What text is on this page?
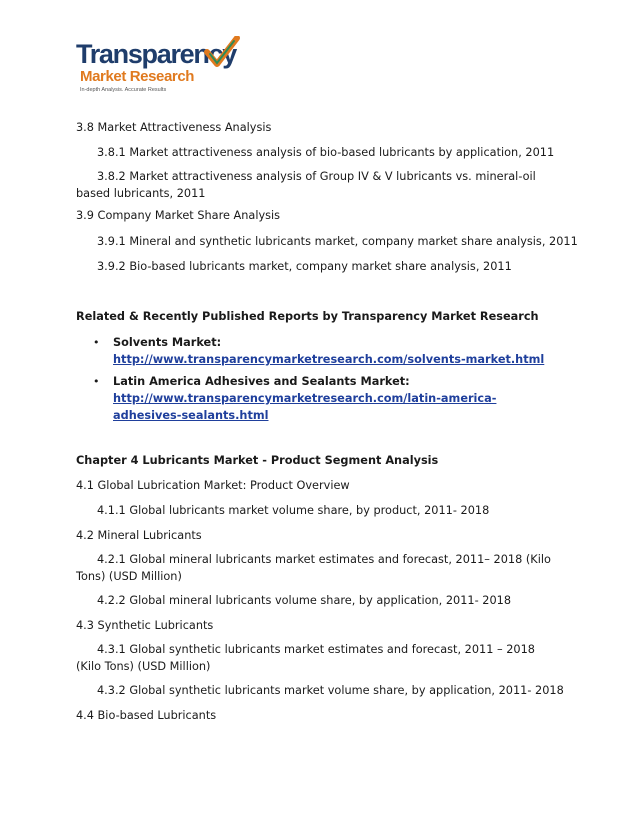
Transparency
Market Research
In-depth Analysis. Accurate Results
3.8 Market Attractiveness Analysis
3.8.1 Market attractiveness analysis of bio-based lubricants by application, 2011
3.8.2 Market attractiveness analysis of Group IV & V lubricants vs. mineral-oil based lubricants, 2011
3.9 Company Market Share Analysis
3.9.1 Mineral and synthetic lubricants market, company market share analysis, 2011
3.9.2 Bio-based lubricants market, company market share analysis, 2011
Related & Recently Published Reports by Transparency Market Research
• Solvents Market: http://www.transparencymarketresearch.com/solvents-market.html
• Latin America Adhesives and Sealants Market: http://www.transparencymarketresearch.com/latin-america-adhesives-sealants.html
Chapter 4 Lubricants Market - Product Segment Analysis
4.1 Global Lubrication Market: Product Overview
4.1.1 Global lubricants market volume share, by product, 2011- 2018
4.2 Mineral Lubricants
4.2.1 Global mineral lubricants market estimates and forecast, 2011– 2018 (Kilo Tons) (USD Million)
4.2.2 Global mineral lubricants volume share, by application, 2011- 2018
4.3 Synthetic Lubricants
4.3.1 Global synthetic lubricants market estimates and forecast, 2011 – 2018 (Kilo Tons) (USD Million)
4.3.2 Global synthetic lubricants market volume share, by application, 2011- 2018
4.4 Bio-based Lubricants
